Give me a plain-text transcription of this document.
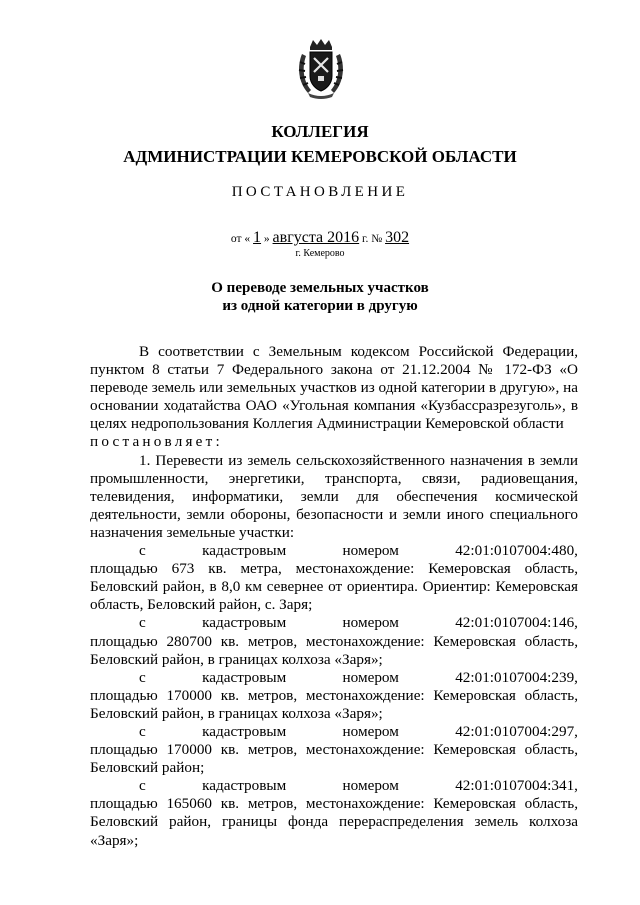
КОЛЛЕГИЯ
АДМИНИСТРАЦИИ КЕМЕРОВСКОЙ ОБЛАСТИ
ПОСТАНОВЛЕНИЕ
от « 1 » августа 2016 г. № 302
г. Кемерово
О переводе земельных участков
из одной категории в другую

В соответствии с Земельным кодексом Российской Федерации, пунктом 8 статьи 7 Федерального закона от 21.12.2004 № 172-ФЗ «О переводе земель или земельных участков из одной категории в другую», на основании ходатайства ОАО «Угольная компания «Кузбассразрезуголь», в целях недропользования Коллегия Администрации Кемеровской области

постановляет:

1. Перевести из земель сельскохозяйственного назначения в земли промышленности, энергетики, транспорта, связи, радиовещания, телевидения, информатики, земли для обеспечения космической деятельности, земли обороны, безопасности и земли иного специального назначения земельные участки:

с	кадастровым	номером	42:01:0107004:480,

площадью 673 кв. метра, местонахождение: Кемеровская область, Беловский район, в 8,0 км севернее от ориентира. Ориентир: Кемеровская область, Беловский район, с. Заря;

с	кадастровым	номером	42:01:0107004:146,

площадью 280700 кв. метров, местонахождение: Кемеровская область, Беловский район, в границах колхоза «Заря»;

с	кадастровым	номером	42:01:0107004:239,

площадью 170000 кв. метров, местонахождение: Кемеровская область, Беловский район, в границах колхоза «Заря»;

с	кадастровым	номером	42:01:0107004:297,

площадью 170000 кв. метров, местонахождение: Кемеровская область, Беловский район;

с	кадастровым	номером	42:01:0107004:341,

площадью 165060 кв. метров, местонахождение: Кемеровская область, Беловский район, границы фонда перераспределения земель колхоза «Заря»;
